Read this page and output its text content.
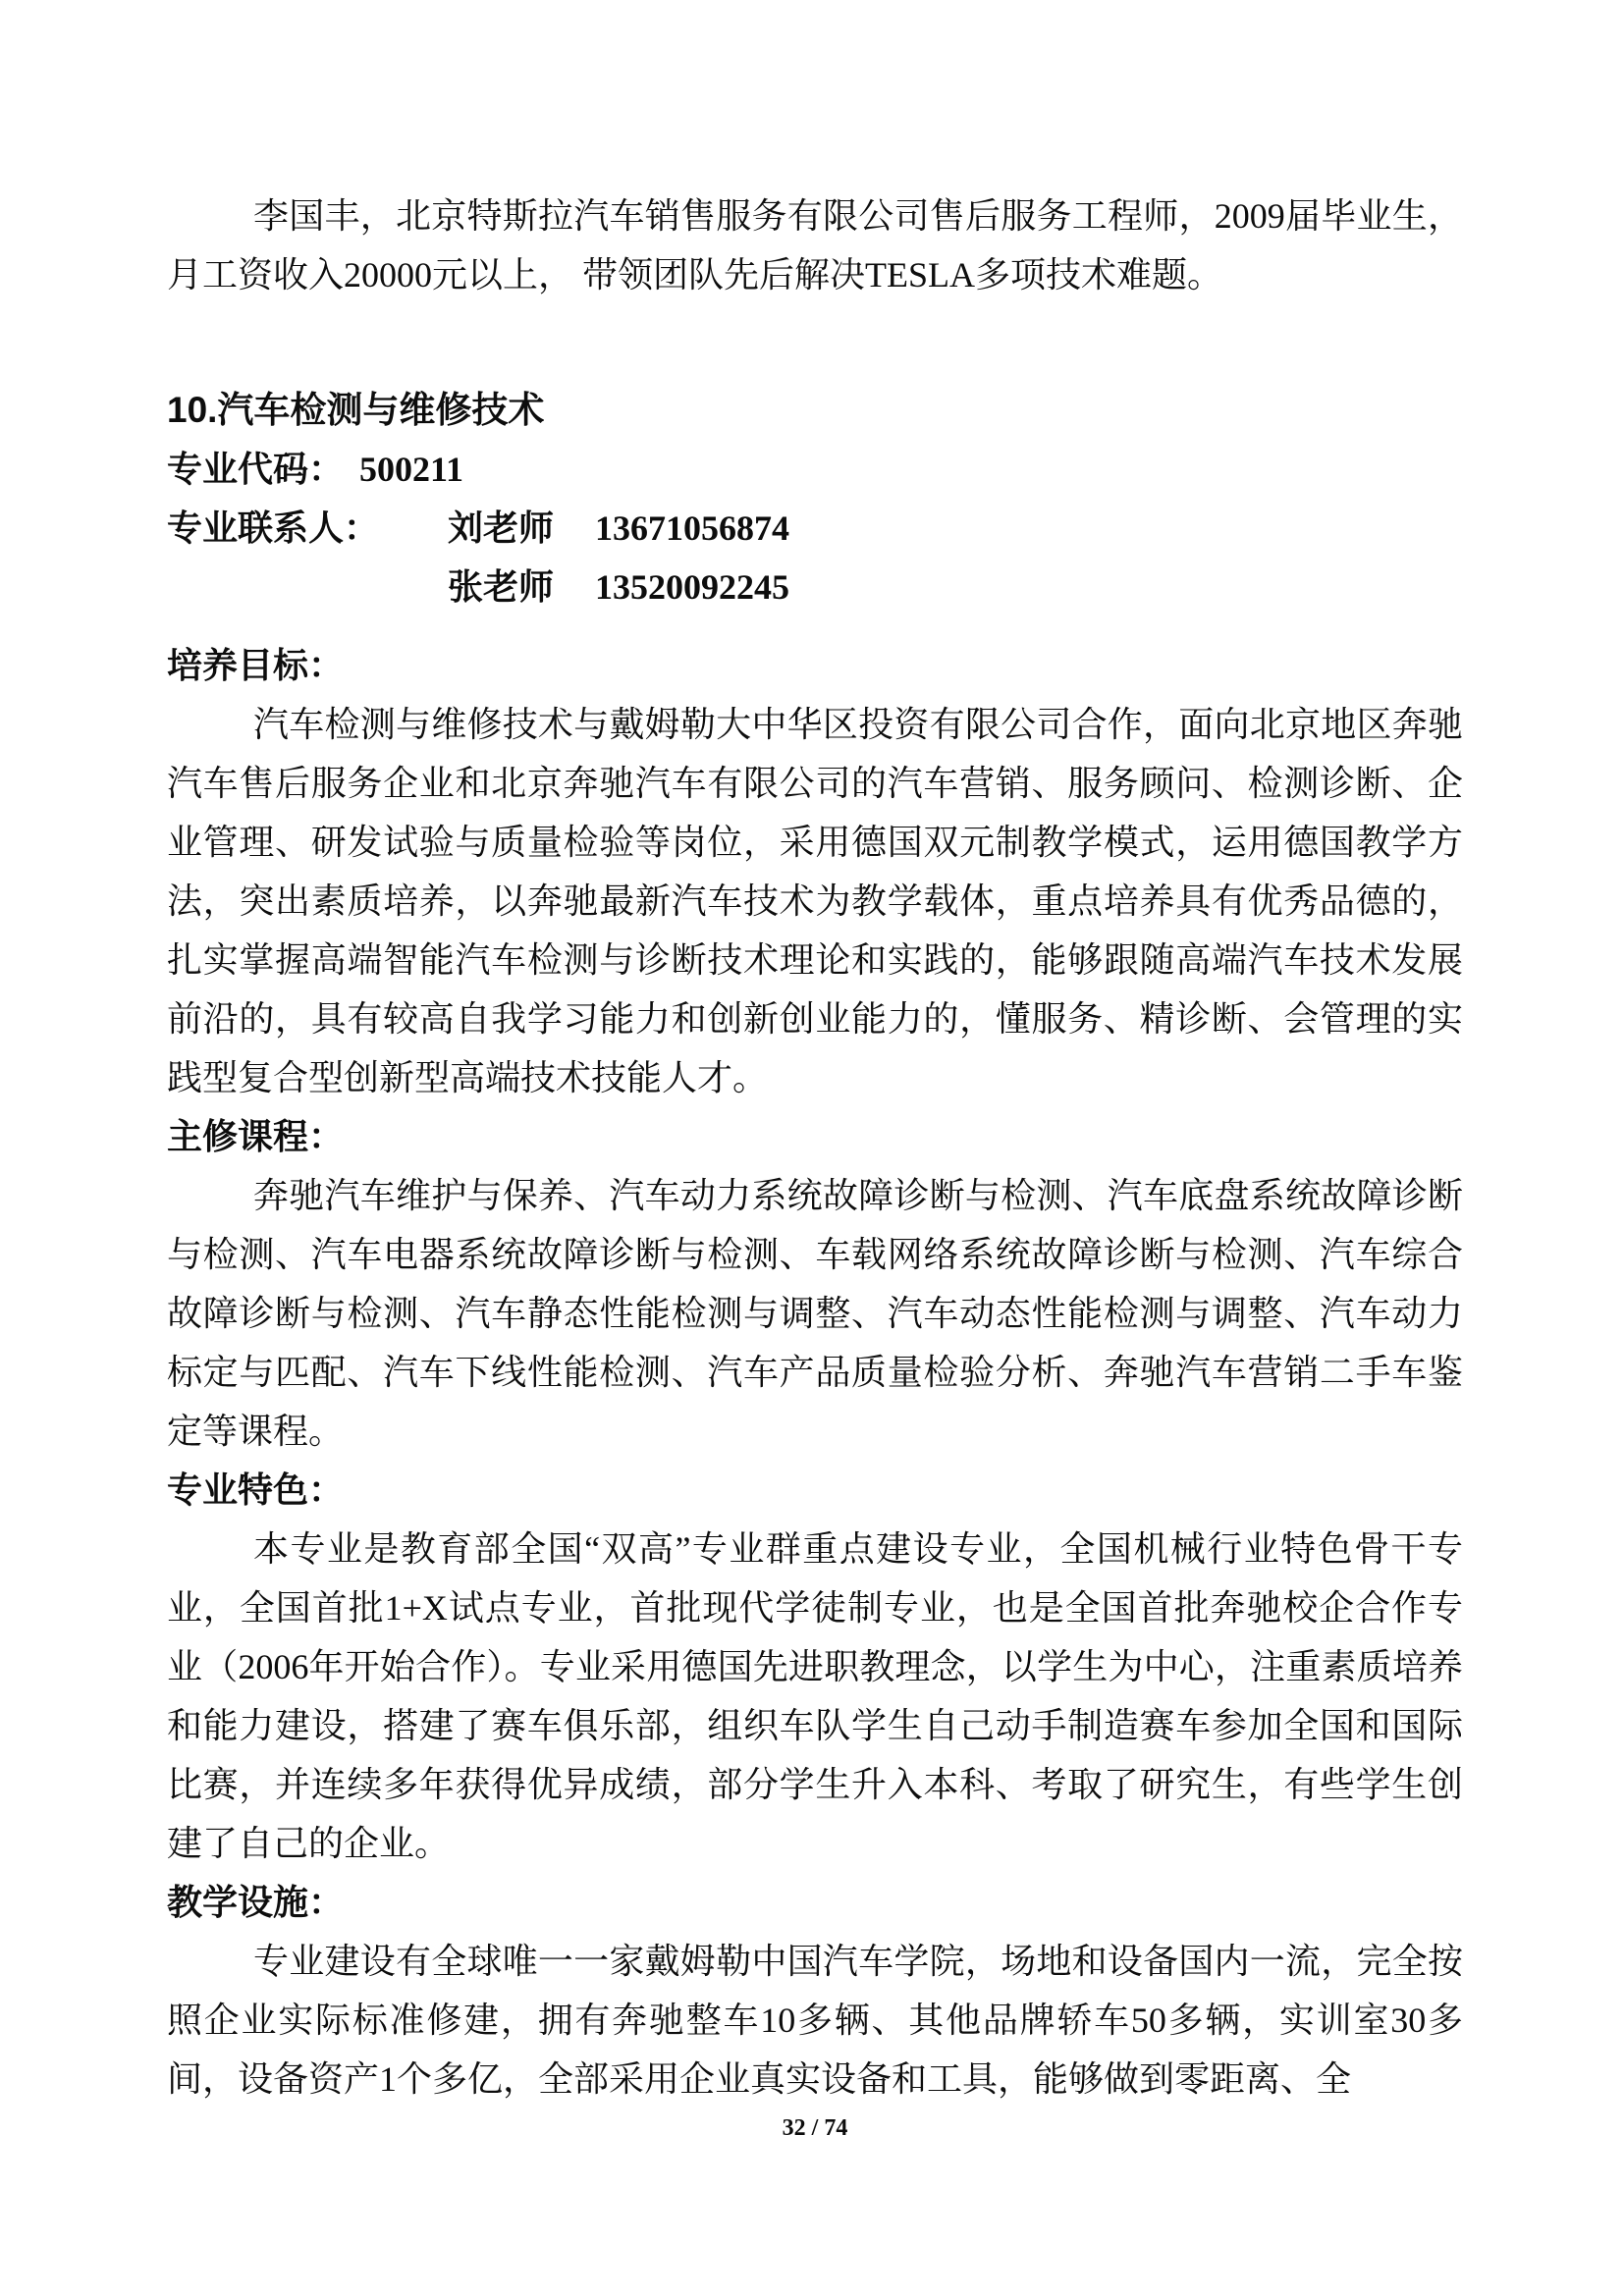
李国丰，北京特斯拉汽车销售服务有限公司售后服务工程师，2009届毕业生，月工资收入20000元以上， 带领团队先后解决TESLA多项技术难题。

10.汽车检测与维修技术
专业代码： 500211
专业联系人：	刘老师 13671056874
张老师 13520092245
培养目标：

汽车检测与维修技术与戴姆勒大中华区投资有限公司合作，面向北京地区奔驰汽车售后服务企业和北京奔驰汽车有限公司的汽车营销、服务顾问、检测诊断、企业管理、研发试验与质量检验等岗位，采用德国双元制教学模式，运用德国教学方法，突出素质培养，以奔驰最新汽车技术为教学载体，重点培养具有优秀品德的，扎实掌握高端智能汽车检测与诊断技术理论和实践的，能够跟随高端汽车技术发展前沿的，具有较高自我学习能力和创新创业能力的，懂服务、精诊断、会管理的实践型复合型创新型高端技术技能人才。

主修课程：

奔驰汽车维护与保养、汽车动力系统故障诊断与检测、汽车底盘系统故障诊断与检测、汽车电器系统故障诊断与检测、车载网络系统故障诊断与检测、汽车综合故障诊断与检测、汽车静态性能检测与调整、汽车动态性能检测与调整、汽车动力标定与匹配、汽车下线性能检测、汽车产品质量检验分析、奔驰汽车营销二手车鉴定等课程。

专业特色：

本专业是教育部全国“双高”专业群重点建设专业，全国机械行业特色骨干专业，全国首批1+X试点专业，首批现代学徒制专业，也是全国首批奔驰校企合作专业（2006年开始合作）。专业采用德国先进职教理念，以学生为中心，注重素质培养和能力建设，搭建了赛车俱乐部，组织车队学生自己动手制造赛车参加全国和国际比赛，并连续多年获得优异成绩，部分学生升入本科、考取了研究生，有些学生创建了自己的企业。

教学设施：

专业建设有全球唯一一家戴姆勒中国汽车学院，场地和设备国内一流，完全按照企业实际标准修建，拥有奔驰整车10多辆、其他品牌轿车50多辆，实训室30多间，设备资产1个多亿，全部采用企业真实设备和工具，能够做到零距离、全

32 / 74
